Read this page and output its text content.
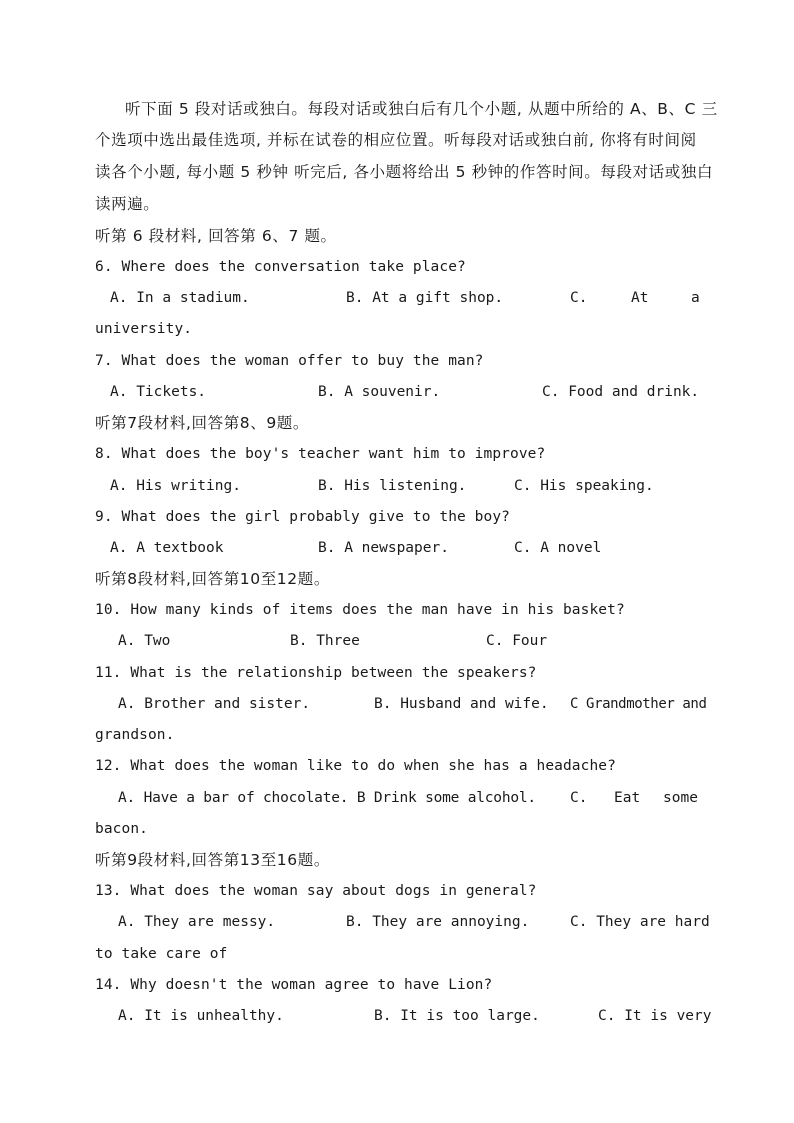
听下面 5 段对话或独白。每段对话或独白后有几个小题, 从题中所给的 A、B、C 三
个选项中选出最佳选项, 并标在试卷的相应位置。听每段对话或独白前, 你将有时间阅
读各个小题, 每小题 5 秒钟 听完后, 各小题将给出 5 秒钟的作答时间。每段对话或独白
读两遍。
听第 6 段材料, 回答第 6、7 题。
6. Where does the conversation take place?
A. In a stadium.	B. At a gift shop.	C.	At	a
university.
7. What does the woman offer to buy the man?
A. Tickets.	B. A souvenir.	C. Food and drink.
听第7段材料,回答第8、9题。
8. What does the boy's teacher want him to improve?
A. His writing.	B. His listening.	C. His speaking.
9. What does the girl probably give to the boy?
A. A textbook	B. A newspaper.	C. A novel
听第8段材料,回答第10至12题。
10. How many kinds of items does the man have in his basket?
A. Two	B. Three	C. Four
11. What is the relationship between the speakers?
A. Brother and sister.	B. Husband and wife. C Grandmother and
grandson.
12. What does the woman like to do when she has a headache?
A. Have a bar of chocolate. B Drink some alcohol. C. Eat some
bacon.
听第9段材料,回答第13至16题。
13. What does the woman say about dogs in general?
A. They are messy.	B. They are annoying.	C. They are hard
to take care of
14. Why doesn't the woman agree to have Lion?
A. It is unhealthy.	B. It is too large.	C. It is very
